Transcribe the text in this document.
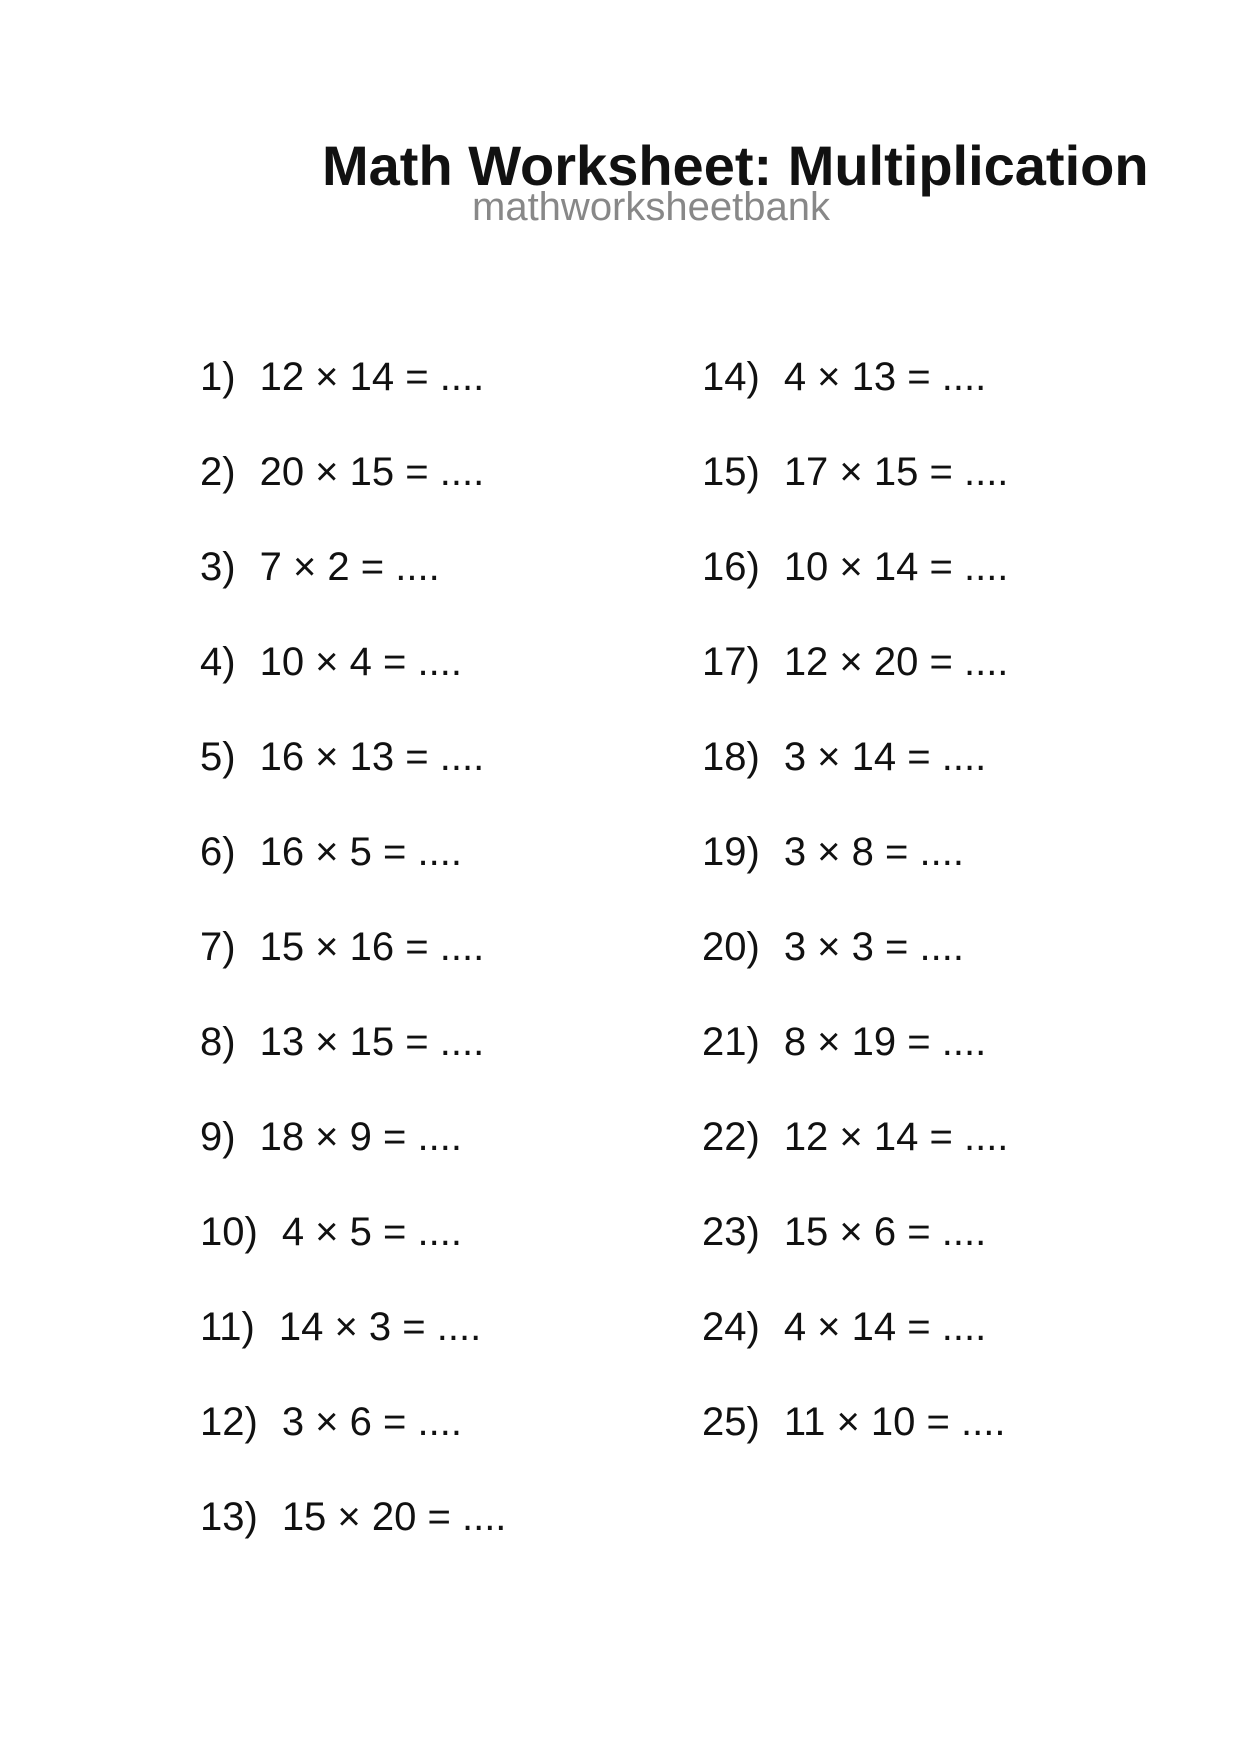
Math Worksheet: Multiplication
mathworksheetbank
1) 12 × 14 = ....
2) 20 × 15 = ....
3) 7 × 2 = ....
4) 10 × 4 = ....
5) 16 × 13 = ....
6) 16 × 5 = ....
7) 15 × 16 = ....
8) 13 × 15 = ....
9) 18 × 9 = ....
10) 4 × 5 = ....
11) 14 × 3 = ....
12) 3 × 6 = ....
13) 15 × 20 = ....
14) 4 × 13 = ....
15) 17 × 15 = ....
16) 10 × 14 = ....
17) 12 × 20 = ....
18) 3 × 14 = ....
19) 3 × 8 = ....
20) 3 × 3 = ....
21) 8 × 19 = ....
22) 12 × 14 = ....
23) 15 × 6 = ....
24) 4 × 14 = ....
25) 11 × 10 = ....
